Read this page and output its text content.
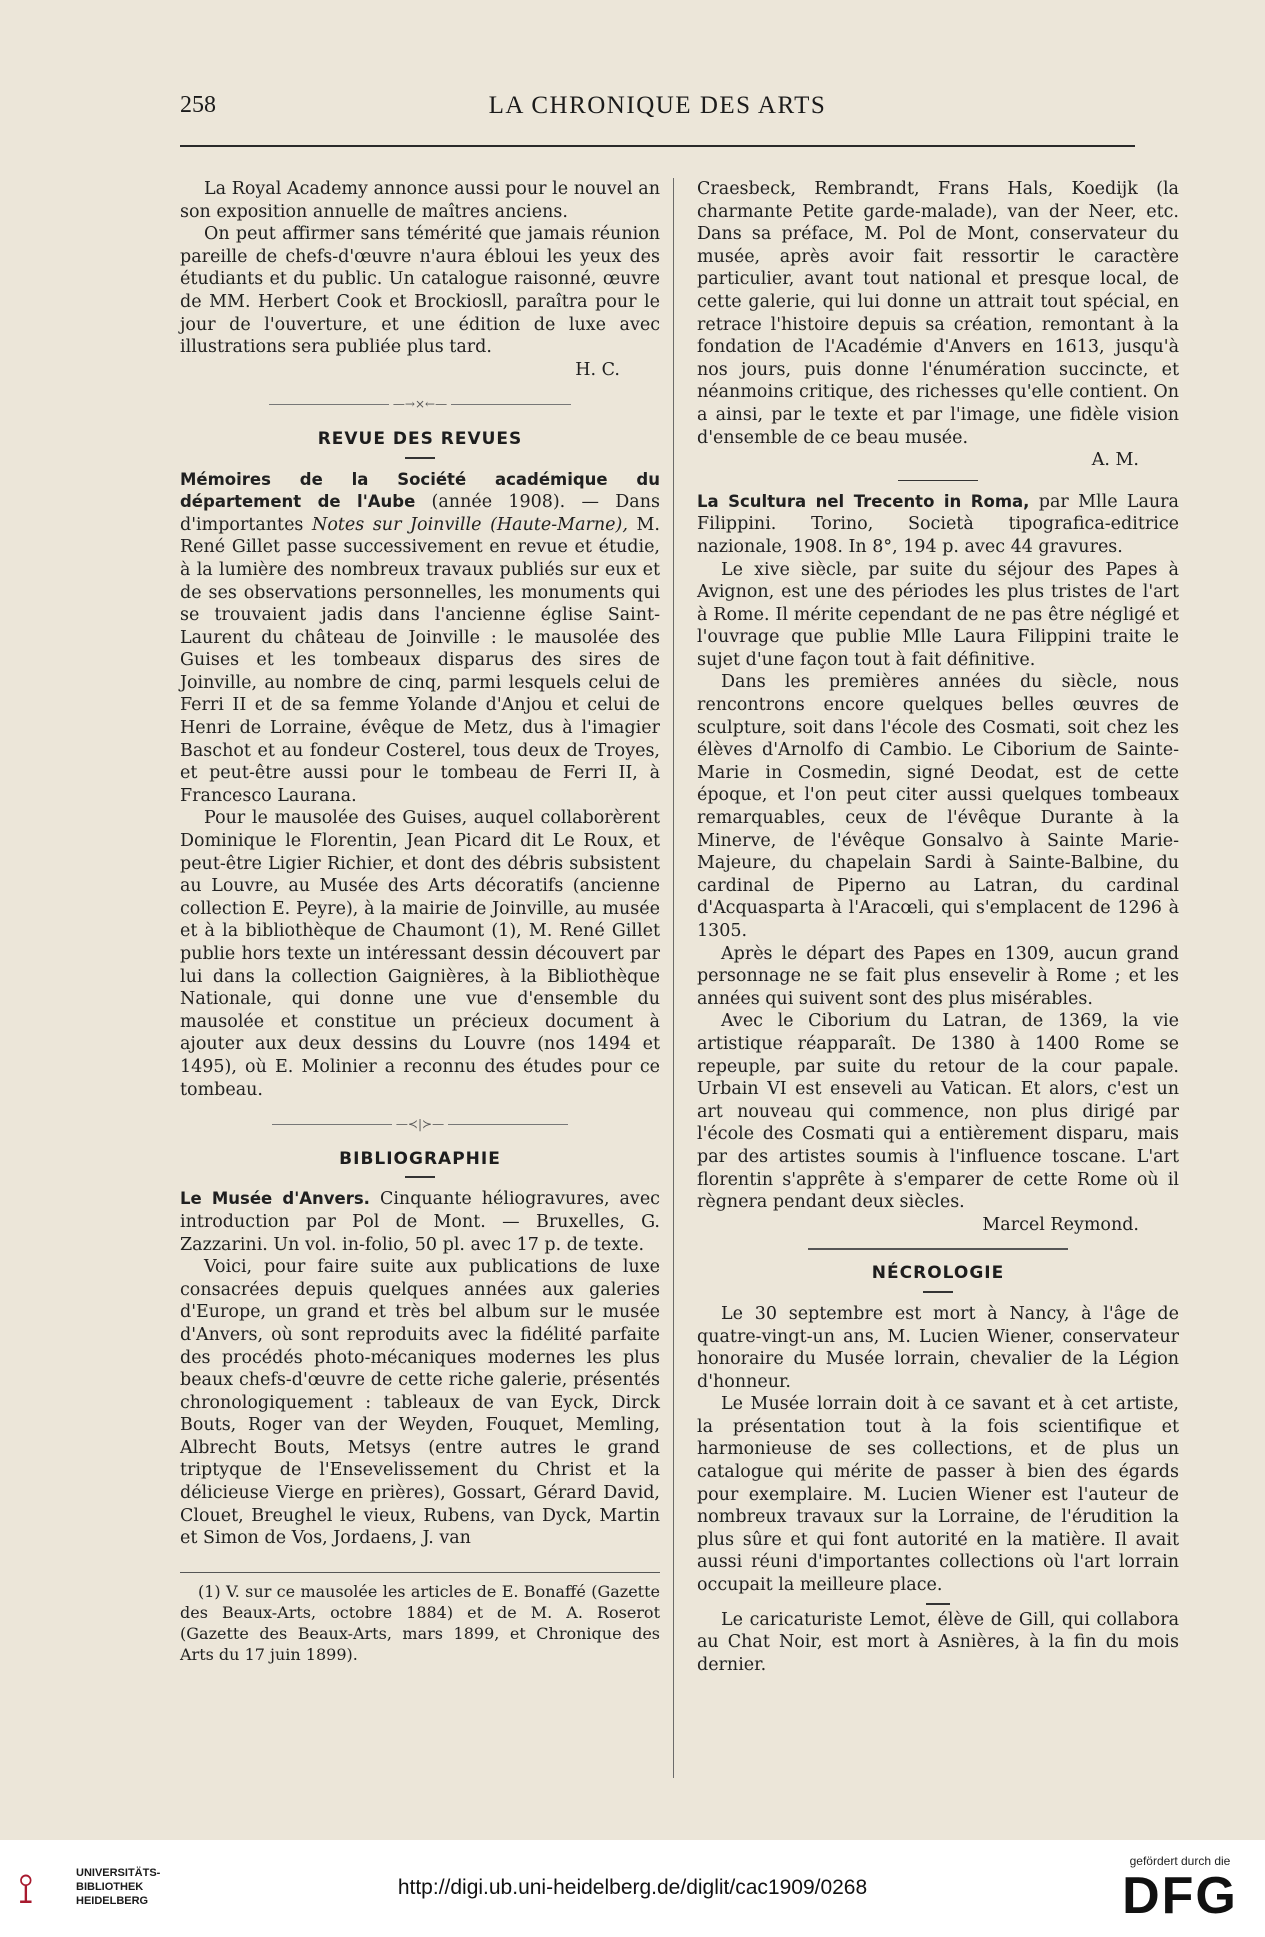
258	LA CHRONIQUE DES ARTS

La Royal Academy annonce aussi pour le nouvel an son exposition annuelle de maîtres anciens.

On peut affirmer sans témérité que jamais réunion pareille de chefs-d'œuvre n'aura ébloui les yeux des étudiants et du public. Un catalogue raisonné, œuvre de MM. Herbert Cook et Brockiosll, paraîtra pour le jour de l'ouverture, et une édition de luxe avec illustrations sera publiée plus tard.

H. C.

—→×←—
REVUE DES REVUES

Mémoires de la Société académique du département de l'Aube (année 1908). — Dans d'importantes Notes sur Joinville (Haute-Marne), M. René Gillet passe successivement en revue et étudie, à la lumière des nombreux travaux publiés sur eux et de ses observations personnelles, les monuments qui se trouvaient jadis dans l'ancienne église Saint-Laurent du château de Joinville : le mausolée des Guises et les tombeaux disparus des sires de Joinville, au nombre de cinq, parmi lesquels celui de Ferri II et de sa femme Yolande d'Anjou et celui de Henri de Lorraine, évêque de Metz, dus à l'imagier Baschot et au fondeur Costerel, tous deux de Troyes, et peut-être aussi pour le tombeau de Ferri II, à Francesco Laurana.

Pour le mausolée des Guises, auquel collaborèrent Dominique le Florentin, Jean Picard dit Le Roux, et peut-être Ligier Richier, et dont des débris subsistent au Louvre, au Musée des Arts décoratifs (ancienne collection E. Peyre), à la mairie de Joinville, au musée et à la bibliothèque de Chaumont (1), M. René Gillet publie hors texte un intéressant dessin découvert par lui dans la collection Gaignières, à la Bibliothèque Nationale, qui donne une vue d'ensemble du mausolée et constitue un précieux document à ajouter aux deux dessins du Louvre (nos 1494 et 1495), où E. Molinier a reconnu des études pour ce tombeau.

—≺|≻—
BIBLIOGRAPHIE

Le Musée d'Anvers. Cinquante héliogravures, avec introduction par Pol de Mont. — Bruxelles, G. Zazzarini. Un vol. in-folio, 50 pl. avec 17 p. de texte.

Voici, pour faire suite aux publications de luxe consacrées depuis quelques années aux galeries d'Europe, un grand et très bel album sur le musée d'Anvers, où sont reproduits avec la fidélité parfaite des procédés photo-mécaniques modernes les plus beaux chefs-d'œuvre de cette riche galerie, présentés chronologiquement : tableaux de van Eyck, Dirck Bouts, Roger van der Weyden, Fouquet, Memling, Albrecht Bouts, Metsys (entre autres le grand triptyque de l'Ensevelissement du Christ et la délicieuse Vierge en prières), Gossart, Gérard David, Clouet, Breughel le vieux, Rubens, van Dyck, Martin et Simon de Vos, Jordaens, J. van

(1) V. sur ce mausolée les articles de E. Bonaffé (Gazette des Beaux-Arts, octobre 1884) et de M. A. Roserot (Gazette des Beaux-Arts, mars 1899, et Chronique des Arts du 17 juin 1899).

Craesbeck, Rembrandt, Frans Hals, Koedijk (la charmante Petite garde-malade), van der Neer, etc. Dans sa préface, M. Pol de Mont, conservateur du musée, après avoir fait ressortir le caractère particulier, avant tout national et presque local, de cette galerie, qui lui donne un attrait tout spécial, en retrace l'histoire depuis sa création, remontant à la fondation de l'Académie d'Anvers en 1613, jusqu'à nos jours, puis donne l'énumération succincte, et néanmoins critique, des richesses qu'elle contient. On a ainsi, par le texte et par l'image, une fidèle vision d'ensemble de ce beau musée.

A. M.

La Scultura nel Trecento in Roma, par Mlle Laura Filippini. Torino, Società tipografica-editrice nazionale, 1908. In 8°, 194 p. avec 44 gravures.

Le xive siècle, par suite du séjour des Papes à Avignon, est une des périodes les plus tristes de l'art à Rome. Il mérite cependant de ne pas être négligé et l'ouvrage que publie Mlle Laura Filippini traite le sujet d'une façon tout à fait définitive.

Dans les premières années du siècle, nous rencontrons encore quelques belles œuvres de sculpture, soit dans l'école des Cosmati, soit chez les élèves d'Arnolfo di Cambio. Le Ciborium de Sainte-Marie in Cosmedin, signé Deodat, est de cette époque, et l'on peut citer aussi quelques tombeaux remarquables, ceux de l'évêque Durante à la Minerve, de l'évêque Gonsalvo à Sainte Marie-Majeure, du chapelain Sardi à Sainte-Balbine, du cardinal de Piperno au Latran, du cardinal d'Acquasparta à l'Aracœli, qui s'emplacent de 1296 à 1305.

Après le départ des Papes en 1309, aucun grand personnage ne se fait plus ensevelir à Rome ; et les années qui suivent sont des plus misérables.

Avec le Ciborium du Latran, de 1369, la vie artistique réapparaît. De 1380 à 1400 Rome se repeuple, par suite du retour de la cour papale. Urbain VI est enseveli au Vatican. Et alors, c'est un art nouveau qui commence, non plus dirigé par l'école des Cosmati qui a entièrement disparu, mais par des artistes soumis à l'influence toscane. L'art florentin s'apprête à s'emparer de cette Rome où il règnera pendant deux siècles.

Marcel Reymond.

NÉCROLOGIE

Le 30 septembre est mort à Nancy, à l'âge de quatre-vingt-un ans, M. Lucien Wiener, conservateur honoraire du Musée lorrain, chevalier de la Légion d'honneur.

Le Musée lorrain doit à ce savant et à cet artiste, la présentation tout à la fois scientifique et harmonieuse de ses collections, et de plus un catalogue qui mérite de passer à bien des égards pour exemplaire. M. Lucien Wiener est l'auteur de nombreux travaux sur la Lorraine, de l'érudition la plus sûre et qui font autorité en la matière. Il avait aussi réuni d'importantes collections où l'art lorrain occupait la meilleure place.

Le caricaturiste Lemot, élève de Gill, qui collabora au Chat Noir, est mort à Asnières, à la fin du mois dernier.

⟟	UNIVERSITÄTS-BIBLIOTHEK HEIDELBERG
http://digi.ub.uni-heidelberg.de/diglit/cac1909/0268
gefördert durch die
DFG
